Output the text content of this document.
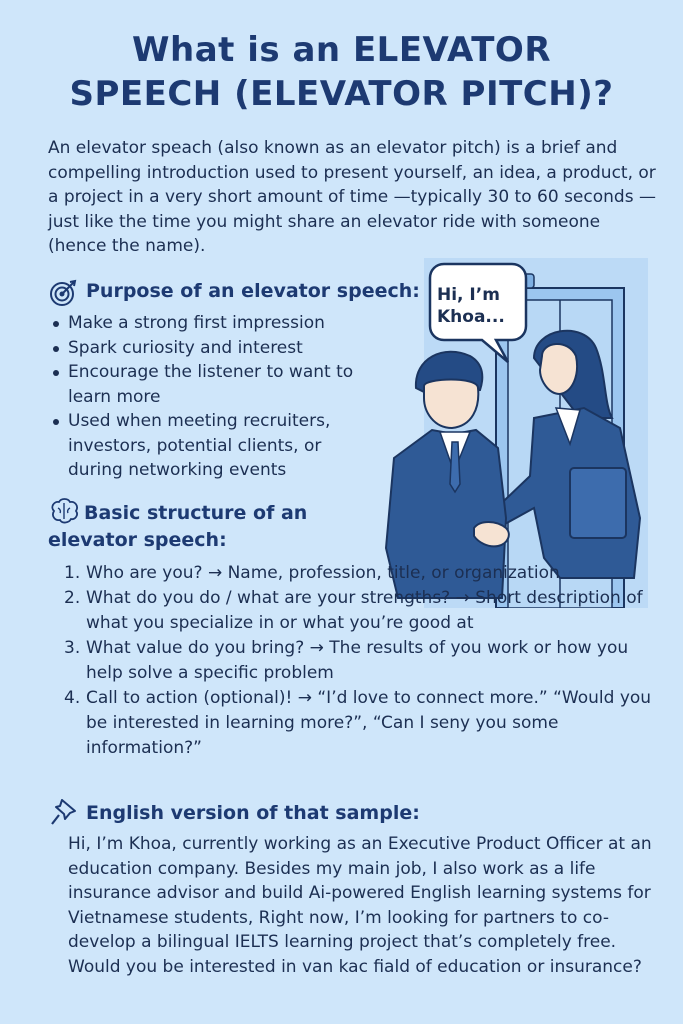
What is an ELEVATOR
SPEECH (ELEVATOR PITCH)?
An elevator speach (also known as an elevator pitch) is a brief and compelling introduction used to present yourself, an idea, a product, or a project in a very short amount of time —typically 30 to 60 seconds —just like the time you might share an elevator ride with someone (hence the name).
Hi, I’m Khoa...
Purpose of an elevator speech:
Make a strong first impression
Spark curiosity and interest
Encourage the listener to want to learn more
Used when meeting recruiters, investors, potential clients, or during networking events
Basic structure of an
elevator speech:
1. Who are you? → Name, profession, title, or organization
2. What do you do / what are your strengths? → Short description of what you specialize in or what you’re good at
3. What value do you bring? → The results of you work or how you help solve a specific problem
4. Call to action (optional)! → “I’d love to connect more.” “Would you be interested in learning more?”, “Can I seny you some information?”
English version of that sample:
Hi, I’m Khoa, currently working as an Executive Product Officer at an education company. Besides my main job, I also work as a life insurance advisor and build Ai-powered English learning systems for Vietnamese students, Right now, I’m looking for partners to co-develop a bilingual IELTS learning project that’s completely free. Would you be interested in van kac fiald of education or insurance?
